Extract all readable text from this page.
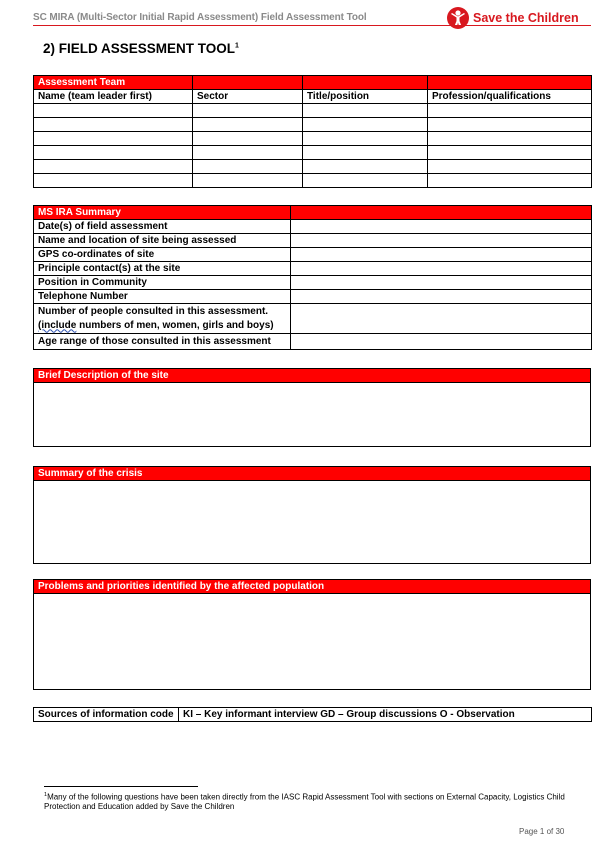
SC MIRA (Multi-Sector Initial Rapid Assessment) Field Assessment Tool	Save the Children
2) FIELD ASSESSMENT TOOL$^1$
Assessment Team			
Name (team leader first)	Sector	Title/position	Profession/qualifications

MS IRA Summary	
Date(s) of field assessment	
Name and location of site being assessed	
GPS co-ordinates of site	
Principle contact(s) at the site	
Position in Community	
Telephone Number	
Number of people consulted in this assessment.
(include numbers of men, women, girls and boys)	
Age range of those consulted in this assessment	
Brief Description of the site

Summary of the crisis

Problems and priorities identified by the affected population

Sources of information code	KI – Key informant interview GD – Group discussions O - Observation
$^1$Many of the following questions have been taken directly from the IASC Rapid Assessment Tool with sections on External Capacity, Logistics Child Protection and Education added by Save the Children
Page 1 of 30
